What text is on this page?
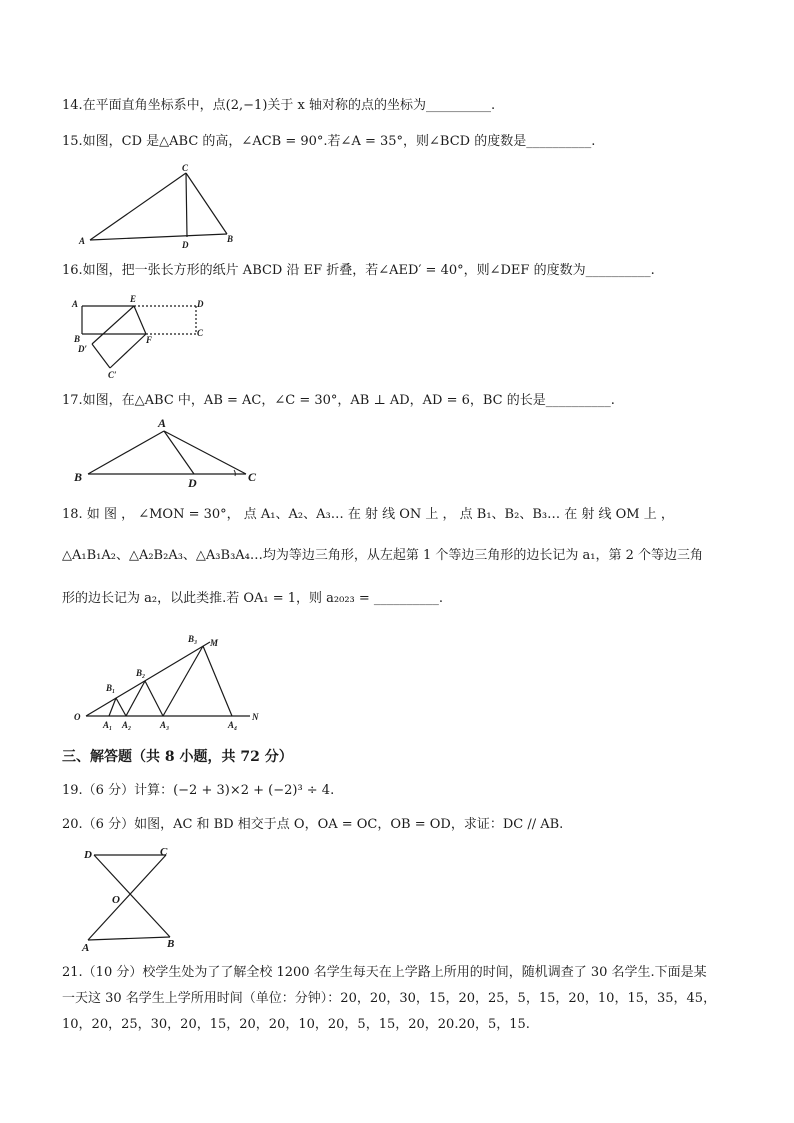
14.在平面直角坐标系中，点(2,−1)关于 x 轴对称的点的坐标为__________.
15.如图，CD 是△ABC 的高，∠ACB = 90°.若∠A = 35°，则∠BCD 的度数是__________.
A
C
D
B
16.如图，把一张长方形的纸片 ABCD 沿 EF 折叠，若∠AED′ = 40°，则∠DEF 的度数为__________.
A	E	D
C
B	F
D′
C′
17.如图，在△ABC 中，AB = AC，∠C = 30°，AB ⊥ AD，AD = 6，BC 的长是__________.
A
B	C
D
18. 如 图 ， ∠MON = 30°， 点 A₁、A₂、A₃… 在 射 线 ON 上 ， 点 B₁、B₂、B₃… 在 射 线 OM 上 ，
△A₁B₁A₂、△A₂B₂A₃、△A₃B₃A₄…均为等边三角形，从左起第 1 个等边三角形的边长记为 a₁，第 2 个等边三角
形的边长记为 a₂，以此类推.若 OA₁ = 1，则 a₂₀₂₃ = __________.
O
A₁ A₂	A₃	A₄
N
B₁
B₂
B₃ M
三、解答题（共 8 小题，共 72 分）
19.（6 分）计算：(−2 + 3)×2 + (−2)³ ÷ 4.
20.（6 分）如图，AC 和 BD 相交于点 O，OA = OC，OB = OD，求证：DC // AB.
D	C
O
A	B
21.（10 分）校学生处为了了解全校 1200 名学生每天在上学路上所用的时间，随机调查了 30 名学生.下面是某
一天这 30 名学生上学所用时间（单位：分钟）：20，20，30，15，20，25，5，15，20，10，15，35，45，
10，20，25，30，20，15，20，20，10，20，5，15，20，20.20，5，15.
